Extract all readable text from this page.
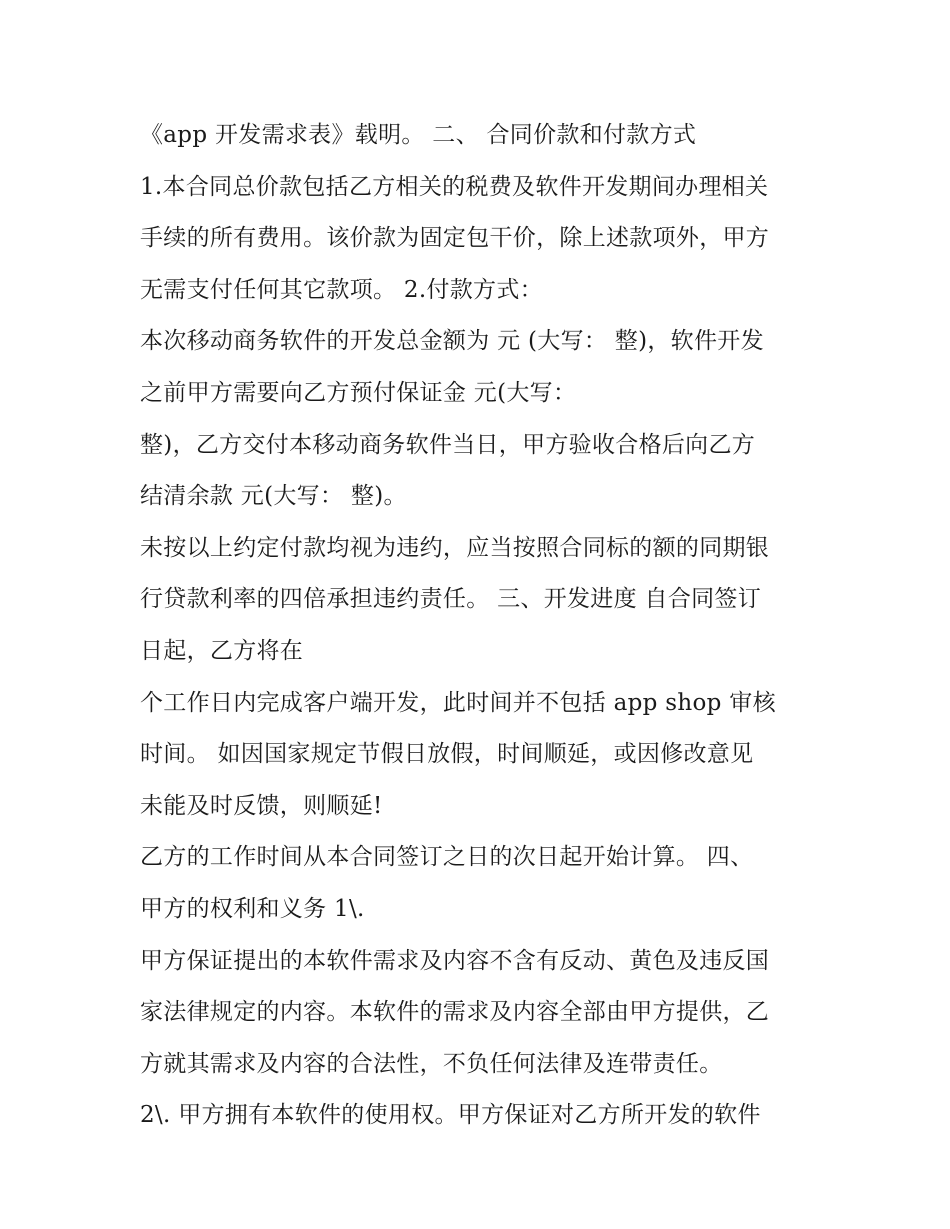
《app 开发需求表》载明。 二、 合同价款和付款方式
1.本合同总价款包括乙方相关的税费及软件开发期间办理相关
手续的所有费用。该价款为固定包干价，除上述款项外，甲方
无需支付任何其它款项。 2.付款方式：
本次移动商务软件的开发总金额为 元 (大写： 整)，软件开发
之前甲方需要向乙方预付保证金 元(大写：
整)，乙方交付本移动商务软件当日，甲方验收合格后向乙方
结清余款 元(大写： 整)。
未按以上约定付款均视为违约，应当按照合同标的额的同期银
行贷款利率的四倍承担违约责任。 三、开发进度 自合同签订
日起，乙方将在
个工作日内完成客户端开发，此时间并不包括 app shop 审核
时间。 如因国家规定节假日放假，时间顺延，或因修改意见
未能及时反馈，则顺延!
乙方的工作时间从本合同签订之日的次日起开始计算。 四、
甲方的权利和义务 1\.
甲方保证提出的本软件需求及内容不含有反动、黄色及违反国
家法律规定的内容。本软件的需求及内容全部由甲方提供，乙
方就其需求及内容的合法性，不负任何法律及连带责任。
2\. 甲方拥有本软件的使用权。甲方保证对乙方所开发的软件
